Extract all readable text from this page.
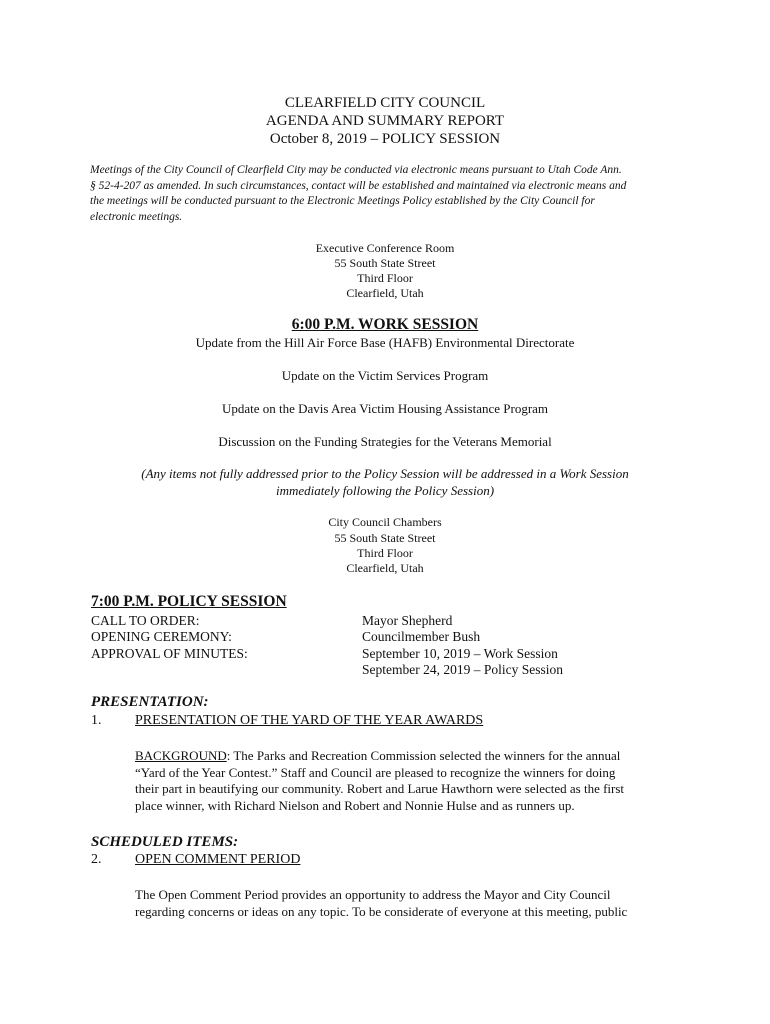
CLEARFIELD CITY COUNCIL
AGENDA AND SUMMARY REPORT
October 8, 2019 – POLICY SESSION
Meetings of the City Council of Clearfield City may be conducted via electronic means pursuant to Utah Code Ann.
§ 52-4-207 as amended. In such circumstances, contact will be established and maintained via electronic means and
the meetings will be conducted pursuant to the Electronic Meetings Policy established by the City Council for
electronic meetings.
Executive Conference Room
55 South State Street
Third Floor
Clearfield, Utah
6:00 P.M. WORK SESSION
Update from the Hill Air Force Base (HAFB) Environmental Directorate
Update on the Victim Services Program
Update on the Davis Area Victim Housing Assistance Program
Discussion on the Funding Strategies for the Veterans Memorial
(Any items not fully addressed prior to the Policy Session will be addressed in a Work Session
immediately following the Policy Session)
City Council Chambers
55 South State Street
Third Floor
Clearfield, Utah
7:00 P.M. POLICY SESSION
CALL TO ORDER:	Mayor Shepherd
OPENING CEREMONY:	Councilmember Bush
APPROVAL OF MINUTES:	September 10, 2019 – Work Session
September 24, 2019 – Policy Session
PRESENTATION:
1. PRESENTATION OF THE YARD OF THE YEAR AWARDS
BACKGROUND: The Parks and Recreation Commission selected the winners for the annual
“Yard of the Year Contest.” Staff and Council are pleased to recognize the winners for doing
their part in beautifying our community. Robert and Larue Hawthorn were selected as the first
place winner, with Richard Nielson and Robert and Nonnie Hulse and as runners up.
SCHEDULED ITEMS:
2. OPEN COMMENT PERIOD
The Open Comment Period provides an opportunity to address the Mayor and City Council
regarding concerns or ideas on any topic. To be considerate of everyone at this meeting, public
